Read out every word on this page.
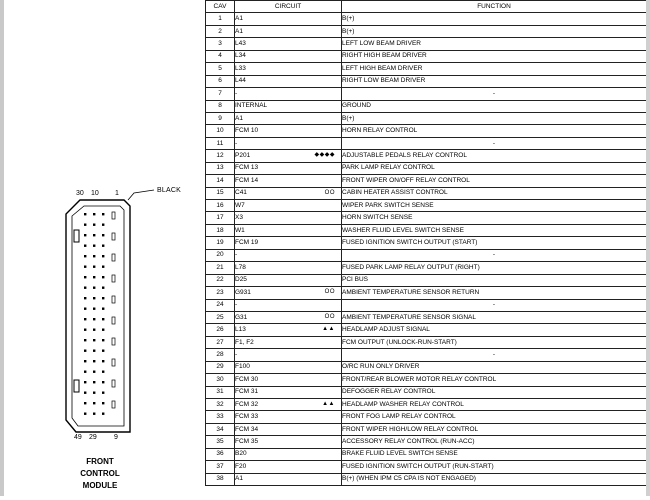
30 10 1	BLACK
49 29 9
FRONT
CONTROL
MODULE
CAV	CIRCUIT	FUNCTION
1	A1	B(+)
2	A1	B(+)
3	L43	LEFT LOW BEAM DRIVER
4	L34	RIGHT HIGH BEAM DRIVER
5	L33	LEFT HIGH BEAM DRIVER
6	L44	RIGHT LOW BEAM DRIVER
7	-	-
8	INTERNAL	GROUND
9	A1	B(+)
10	FCM 10	HORN RELAY CONTROL
11	-	-
12	P201 ◆◆◆◆	ADJUSTABLE PEDALS RELAY CONTROL
13	FCM 13	PARK LAMP RELAY CONTROL
14	FCM 14	FRONT WIPER ON/OFF RELAY CONTROL
15	C41 OO	CABIN HEATER ASSIST CONTROL
16	W7	WIPER PARK SWITCH SENSE
17	X3	HORN SWITCH SENSE
18	W1	WASHER FLUID LEVEL SWITCH SENSE
19	FCM 19	FUSED IGNITION SWITCH OUTPUT (START)
20	-	-
21	L78	FUSED PARK LAMP RELAY OUTPUT (RIGHT)
22	D25	PCI BUS
23	G931 OO	AMBIENT TEMPERATURE SENSOR RETURN
24	-	-
25	G31 OO	AMBIENT TEMPERATURE SENSOR SIGNAL
26	L13 ▲▲	HEADLAMP ADJUST SIGNAL
27	F1, F2	FCM OUTPUT (UNLOCK-RUN-START)
28	-	-
29	F100	O/RC RUN ONLY DRIVER
30	FCM 30	FRONT/REAR BLOWER MOTOR RELAY CONTROL
31	FCM 31	DEFOGGER RELAY CONTROL
32	FCM 32 ▲▲	HEADLAMP WASHER RELAY CONTROL
33	FCM 33	FRONT FOG LAMP RELAY CONTROL
34	FCM 34	FRONT WIPER HIGH/LOW RELAY CONTROL
35	FCM 35	ACCESSORY RELAY CONTROL (RUN-ACC)
36	B20	BRAKE FLUID LEVEL SWITCH SENSE
37	F20	FUSED IGNITION SWITCH OUTPUT (RUN-START)
38	A1	B(+) (WHEN IPM C5 CPA IS NOT ENGAGED)
